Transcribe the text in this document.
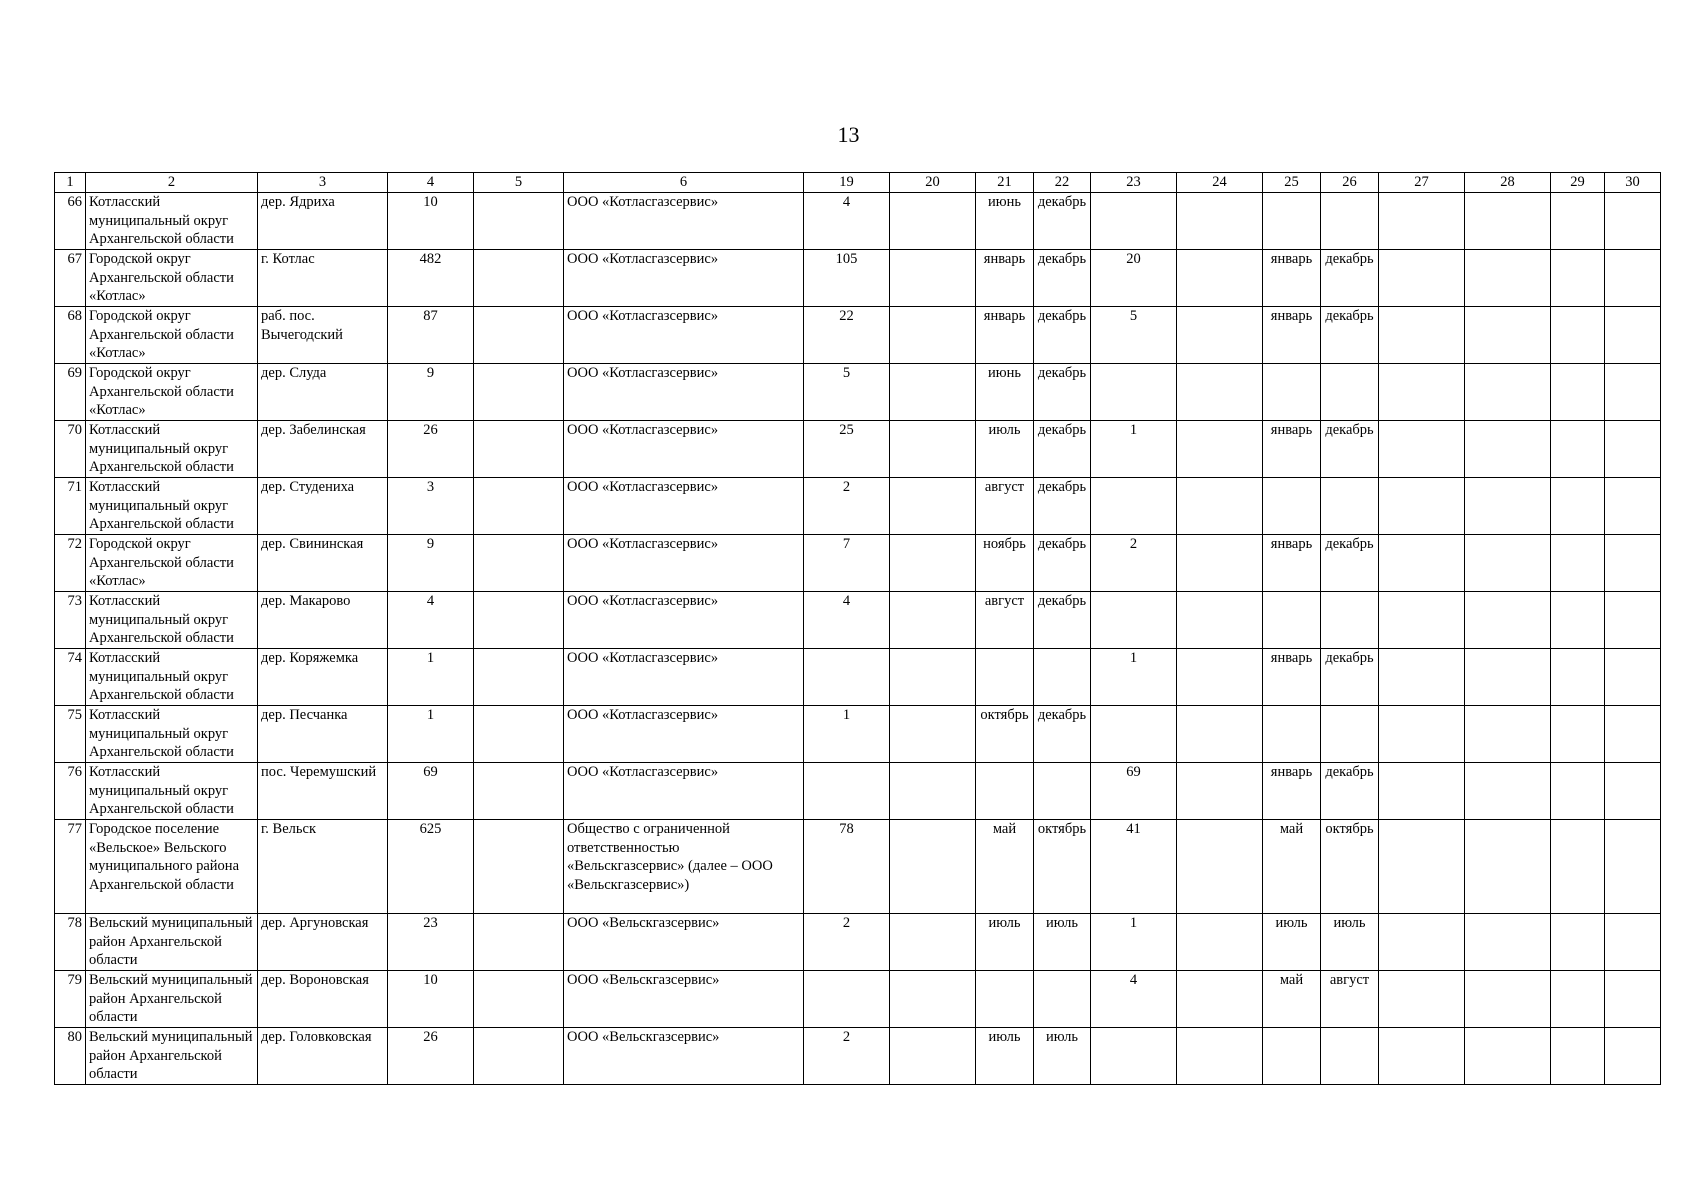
13
1	2	3	4	5	6	19	20	21	22	23	24	25	26	27	28	29	30
66	Котласский муниципальный округ Архангельской области	дер. Ядриха	10		ООО «Котласгазсервис»	4		июнь	декабрь								
67	Городской округ Архангельской области «Котлас»	г. Котлас	482		ООО «Котласгазсервис»	105		январь	декабрь	20		январь	декабрь				
68	Городской округ Архангельской области «Котлас»	раб. пос. Вычегодский	87		ООО «Котласгазсервис»	22		январь	декабрь	5		январь	декабрь				
69	Городской округ Архангельской области «Котлас»	дер. Слуда	9		ООО «Котласгазсервис»	5		июнь	декабрь								
70	Котласский муниципальный округ Архангельской области	дер. Забелинская	26		ООО «Котласгазсервис»	25		июль	декабрь	1		январь	декабрь				
71	Котласский муниципальный округ Архангельской области	дер. Студениха	3		ООО «Котласгазсервис»	2		август	декабрь								
72	Городской округ Архангельской области «Котлас»	дер. Свининская	9		ООО «Котласгазсервис»	7		ноябрь	декабрь	2		январь	декабрь				
73	Котласский муниципальный округ Архангельской области	дер. Макарово	4		ООО «Котласгазсервис»	4		август	декабрь								
74	Котласский муниципальный округ Архангельской области	дер. Коряжемка	1		ООО «Котласгазсервис»					1		январь	декабрь				
75	Котласский муниципальный округ Архангельской области	дер. Песчанка	1		ООО «Котласгазсервис»	1		октябрь	декабрь								
76	Котласский муниципальный округ Архангельской области	пос. Черемушский	69		ООО «Котласгазсервис»					69		январь	декабрь				
77	Городское поселение «Вельское» Вельского муниципального района Архангельской области	г. Вельск	625		Общество с ограниченной ответственностью «Вельскгазсервис» (далее – ООО «Вельскгазсервис»)	78		май	октябрь	41		май	октябрь				
78	Вельский муниципальный район Архангельской области	дер. Аргуновская	23		ООО «Вельскгазсервис»	2		июль	июль	1		июль	июль				
79	Вельский муниципальный район Архангельской области	дер. Вороновская	10		ООО «Вельскгазсервис»					4		май	август				
80	Вельский муниципальный район Архангельской области	дер. Головковская	26		ООО «Вельскгазсервис»	2		июль	июль								
